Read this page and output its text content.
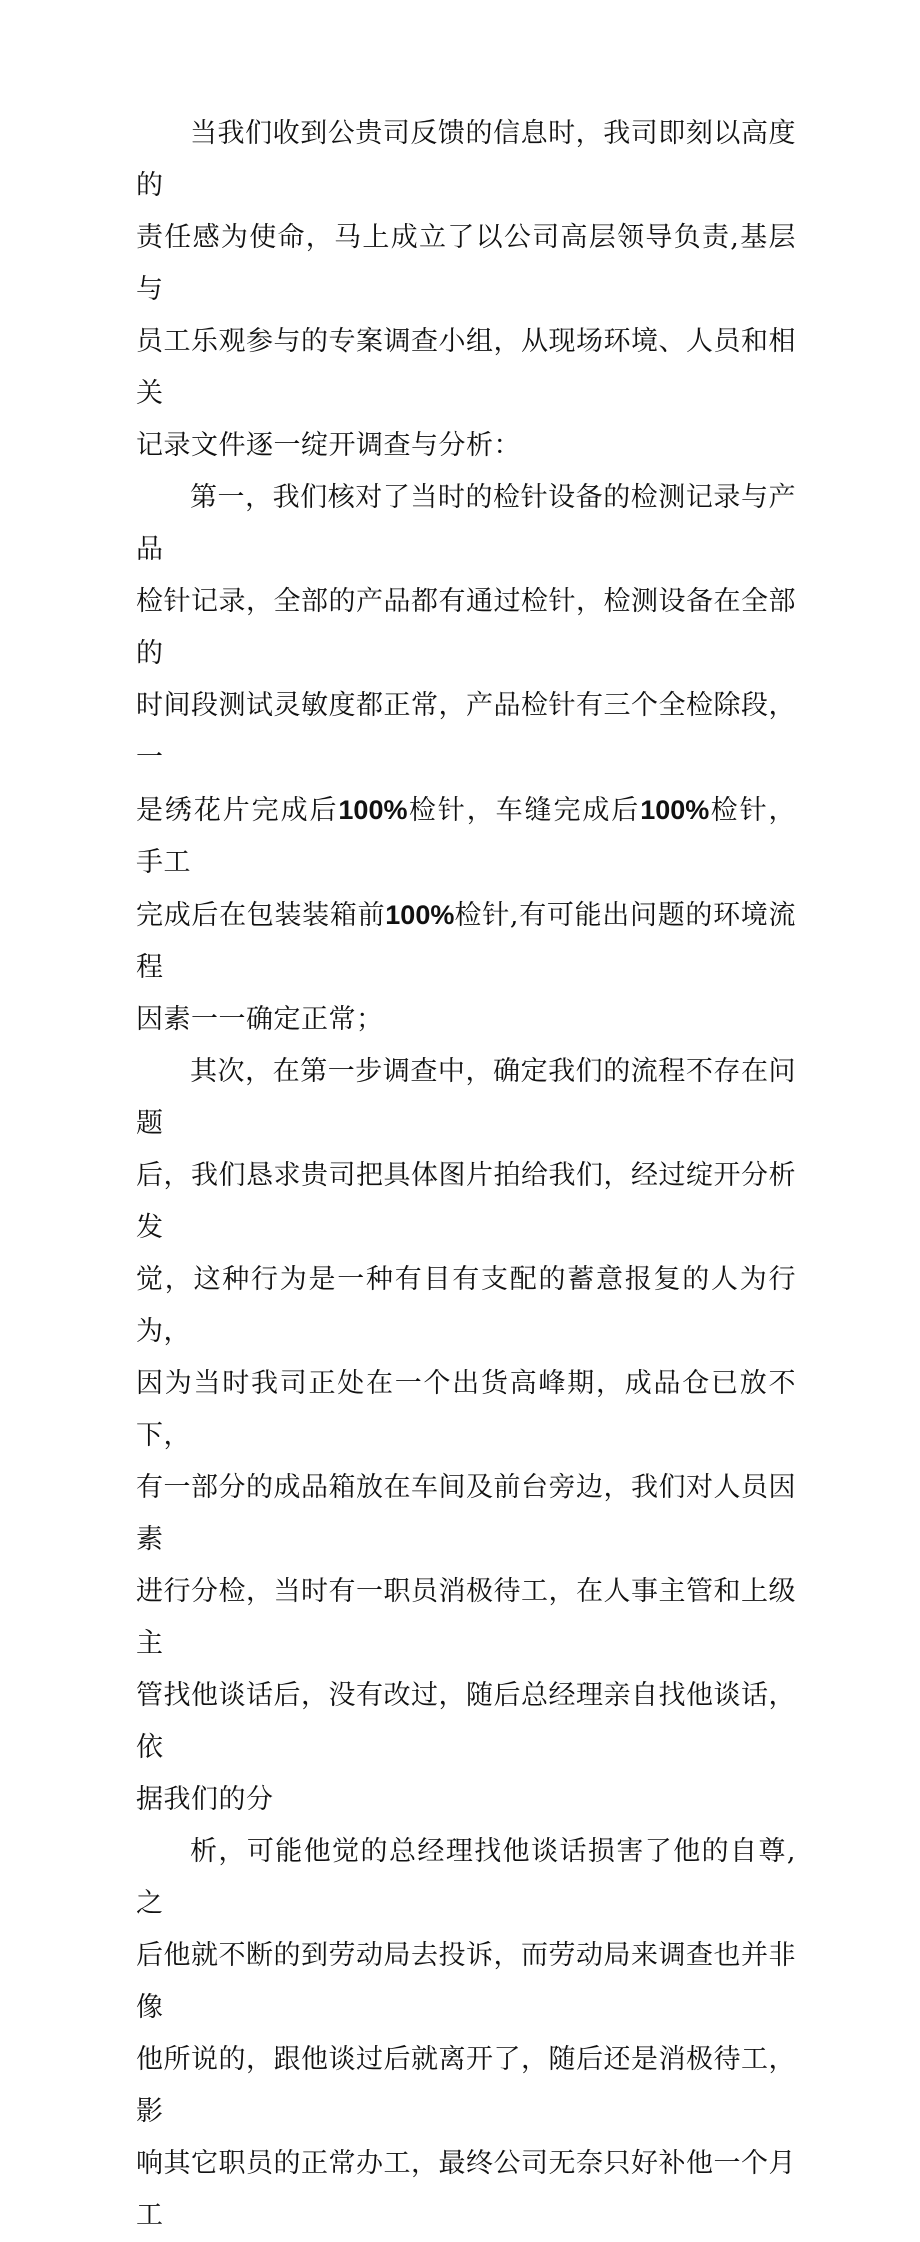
当我们收到公贵司反馈的信息时，我司即刻以高度的
责任感为使命，马上成立了以公司高层领导负责,基层与
员工乐观参与的专案调查小组，从现场环境、人员和相关
记录文件逐一绽开调查与分析：

第一，我们核对了当时的检针设备的检测记录与产品
检针记录，全部的产品都有通过检针，检测设备在全部的
时间段测试灵敏度都正常，产品检针有三个全检除段，一
是绣花片完成后100%检针，车缝完成后100%检针，手工
完成后在包装装箱前100%检针,有可能出问题的环境流程
因素一一确定正常；

其次，在第一步调查中，确定我们的流程不存在问题
后，我们恳求贵司把具体图片拍给我们，经过绽开分析发
觉，这种行为是一种有目有支配的蓄意报复的人为行为，
因为当时我司正处在一个出货高峰期，成品仓已放不下，
有一部分的成品箱放在车间及前台旁边，我们对人员因素
进行分检，当时有一职员消极待工，在人事主管和上级主
管找他谈话后，没有改过，随后总经理亲自找他谈话，依
据我们的分

析，可能他觉的总经理找他谈话损害了他的自尊,之
后他就不断的到劳动局去投诉，而劳动局来调查也并非像
他所说的，跟他谈过后就离开了，随后还是消极待工，影
响其它职员的正常办工，最终公司无奈只好补他一个月工
